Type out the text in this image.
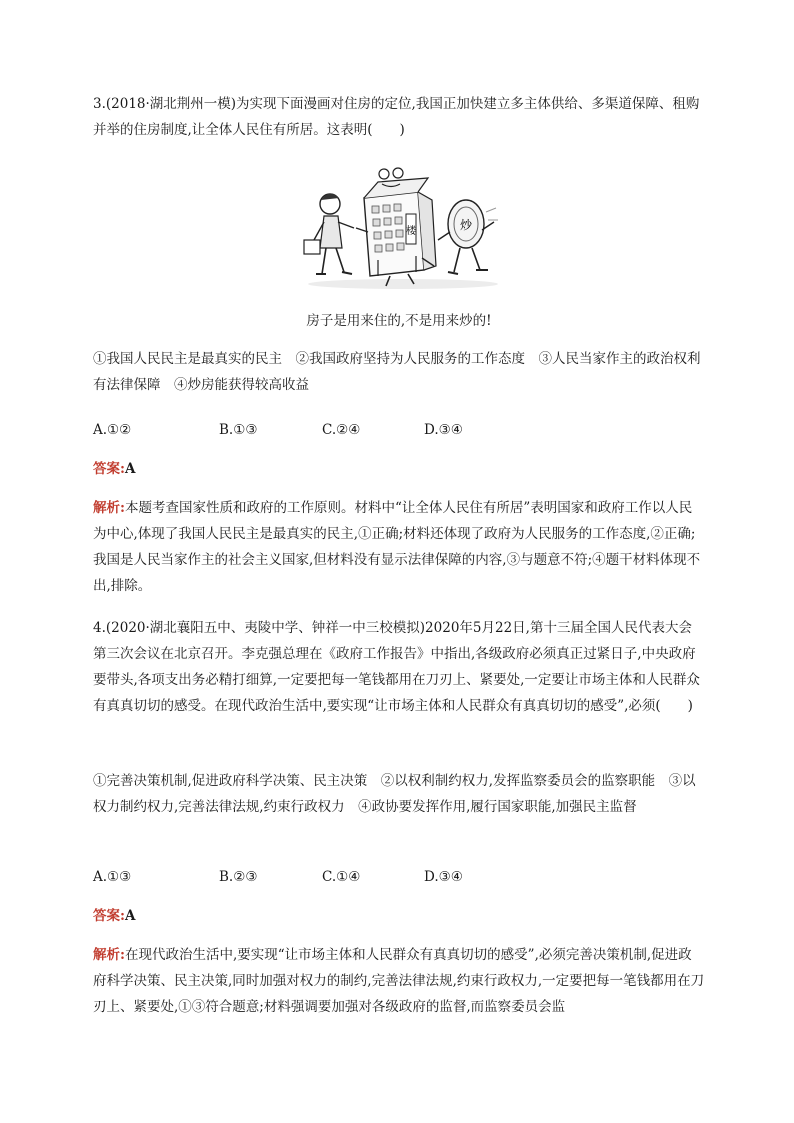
3.(2018·湖北荆州一模)为实现下面漫画对住房的定位,我国正加快建立多主体供给、多渠道保障、租购并举的住房制度,让全体人民住有所居。这表明(　　)

楼	炒
房子是用来住的,不是用来炒的!

①我国人民民主是最真实的民主　②我国政府坚持为人民服务的工作态度　③人民当家作主的政治权利有法律保障　④炒房能获得较高收益

A.①②	B.①③	C.②④	D.③④
答案:A

解析:本题考查国家性质和政府的工作原则。材料中“让全体人民住有所居”表明国家和政府工作以人民为中心,体现了我国人民民主是最真实的民主,①正确;材料还体现了政府为人民服务的工作态度,②正确;我国是人民当家作主的社会主义国家,但材料没有显示法律保障的内容,③与题意不符;④题干材料体现不出,排除。

4.(2020·湖北襄阳五中、夷陵中学、钟祥一中三校模拟)2020年5月22日,第十三届全国人民代表大会第三次会议在北京召开。李克强总理在《政府工作报告》中指出,各级政府必须真正过紧日子,中央政府要带头,各项支出务必精打细算,一定要把每一笔钱都用在刀刃上、紧要处,一定要让市场主体和人民群众有真真切切的感受。在现代政治生活中,要实现“让市场主体和人民群众有真真切切的感受”,必须(　　)

①完善决策机制,促进政府科学决策、民主决策　②以权利制约权力,发挥监察委员会的监察职能　③以权力制约权力,完善法律法规,约束行政权力　④政协要发挥作用,履行国家职能,加强民主监督

A.①③	B.②③	C.①④	D.③④
答案:A

解析:在现代政治生活中,要实现“让市场主体和人民群众有真真切切的感受”,必须完善决策机制,促进政府科学决策、民主决策,同时加强对权力的制约,完善法律法规,约束行政权力,一定要把每一笔钱都用在刀刃上、紧要处,①③符合题意;材料强调要加强对各级政府的监督,而监察委员会监
